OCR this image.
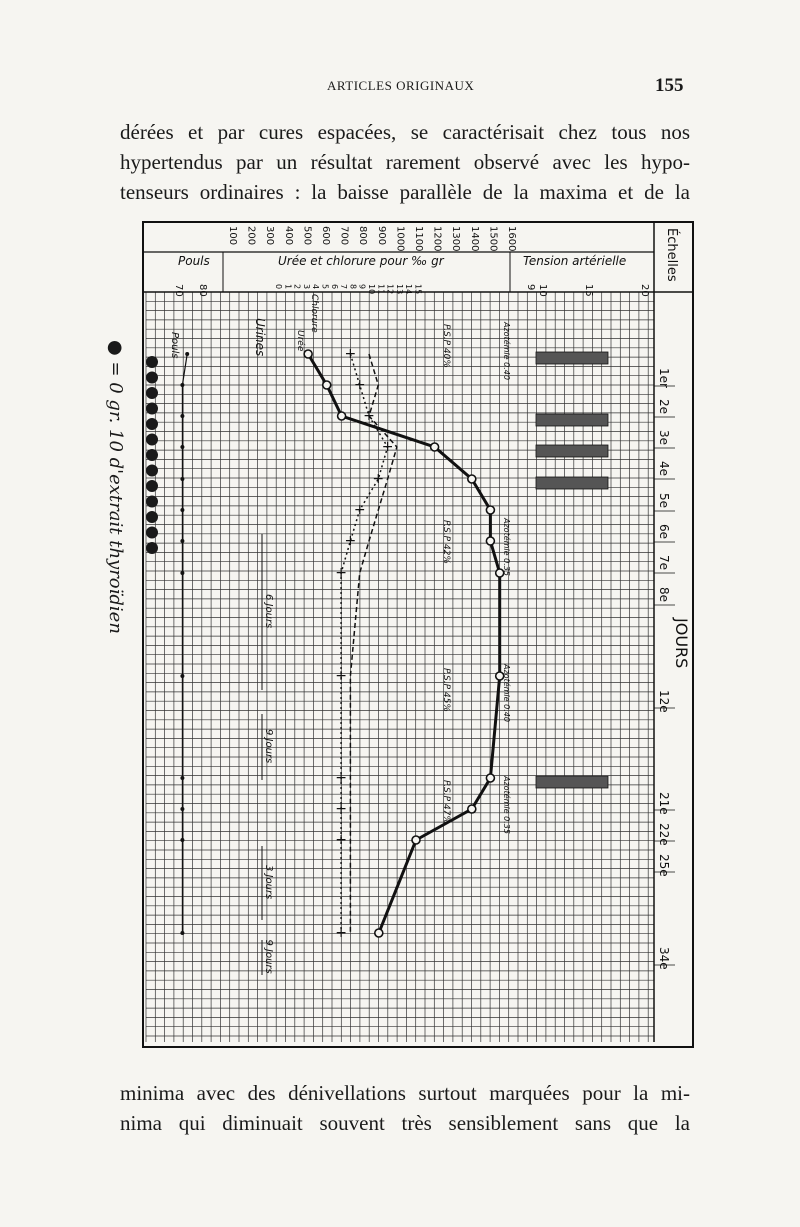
ARTICLES ORIGINAUX	155
dérées et par cures espacées, se caractérisait chez tous nos
hypertendus par un résultat rarement observé avec les hypo-
tenseurs ordinaires : la baisse parallèle de la maxima et de la
100 200 300 400 500 600 700 800 900 1000 1100 1200 1300 1400 1500 1600
Pouls	Urée et chlorure pour ‰ gr	Tension artérielle	Échelles
70 80	0 1 2 3 4 5 6 7 8 9 10 11 12 13 14 15	9 10	15	20
1er
2e
3e
4e
5e
6e
7e
8e
12e
21e
22e
25e
34e
JOURS
+
+
+
+
+
+
+
+
+
+
+
+
+
Urines
Chlorure
Urée
Pouls	P.S.P 40%
P.S.P 42%
P.S.P 45%
P.S.P 47%
Azotémie 0.40
Azotémie 0.35
Azotémie 0.40
Azotémie 0.35
6 Jours
9 Jours
3 Jours
9 Jours
● = 0 gr. 10 d'extrait thyroïdien
minima avec des dénivellations surtout marquées pour la mi-
nima qui diminuait souvent très sensiblement sans que la
